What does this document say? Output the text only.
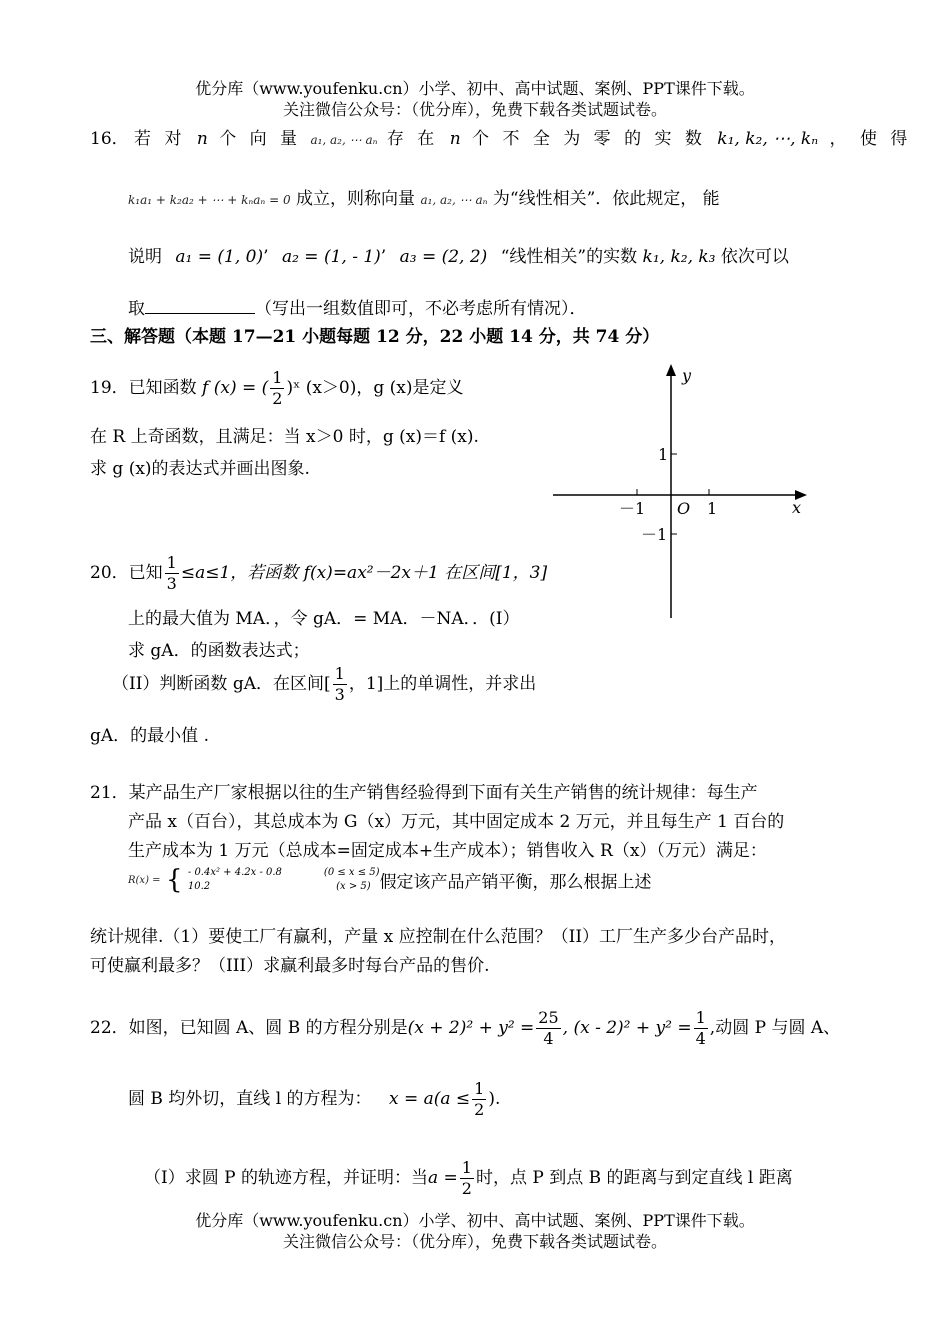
优分库（www.youfenku.cn）小学、初中、高中试题、案例、PPT课件下载。
关注微信公众号：（优分库），免费下载各类试题试卷。
16． 若 对 n 个 向 量 a₁, a₂, ⋯ aₙ 存 在 n 个 不 全 为 零 的 实 数 k₁, k₂, ⋯, kₙ ， 使 得
k₁a₁ + k₂a₂ + ⋯ + kₙaₙ = 0 成立，则称向量 a₁, a₂, ⋯ aₙ 为“线性相关”．依此规定， 能
说明 a₁ = (1, 0)’ a₂ = (1, - 1)’ a₃ = (2, 2) “线性相关”的实数 k₁, k₂, k₃ 依次可以
取	（写出一组数值即可，不必考虑所有情况）．
三、解答题（本题 17—21 小题每题 12 分，22 小题 14 分，共 74 分）
19．已知函数 f (x) = ( $\frac{1}{2}$ )ˣ (x＞0)，g (x)是定义
在 R 上奇函数，且满足：当 x＞0 时，g (x)＝f (x).
求 g (x)的表达式并画出图象.
y
x
O
1
－1
－1	1
20．已知 $\frac{1}{3} \le a\le 1$，若函数 f(x)=ax²－2x＋1 在区间[1，3]
上的最大值为 MA．，令 gA．= MA．－NA．．(I）
求 gA．的函数表达式；
（II）判断函数 gA．在区间[ $\frac{1}{3}$ ，1]上的单调性，并求出
gA．的最小值 .
21．某产品生产厂家根据以往的生产销售经验得到下面有关生产销售的统计规律：每生产
产品 x（百台），其总成本为 G（x）万元，其中固定成本 2 万元，并且每生产 1 百台的
生产成本为 1 万元（总成本=固定成本+生产成本）；销售收入 R（x）（万元）满足：
R(x) = { - 0.4x² + 4.2x - 0.8	(0 ≤ x ≤ 5)
10.2	(x > 5) 假定该产品产销平衡，那么根据上述
统计规律.（1）要使工厂有赢利，产量 x 应控制在什么范围？（II）工厂生产多少台产品时，
可使赢利最多？（III）求赢利最多时每台产品的售价.
22．如图，已知圆 A、圆 B 的方程分别是$(x + 2)^2 + y^2 = \frac{25}{4}$ , $(x - 2)^2 + y^2 = \frac{1}{4}$ ,动圆 P 与圆 A、
圆 B 均外切，直线 l 的方程为： $x = a(a \le \frac{1}{2}$ ).
（I）求圆 P 的轨迹方程，并证明：当$a = \frac{1}{2}$ 时，点 P 到点 B 的距离与到定直线 l 距离
优分库（www.youfenku.cn）小学、初中、高中试题、案例、PPT课件下载。
关注微信公众号：（优分库），免费下载各类试题试卷。
